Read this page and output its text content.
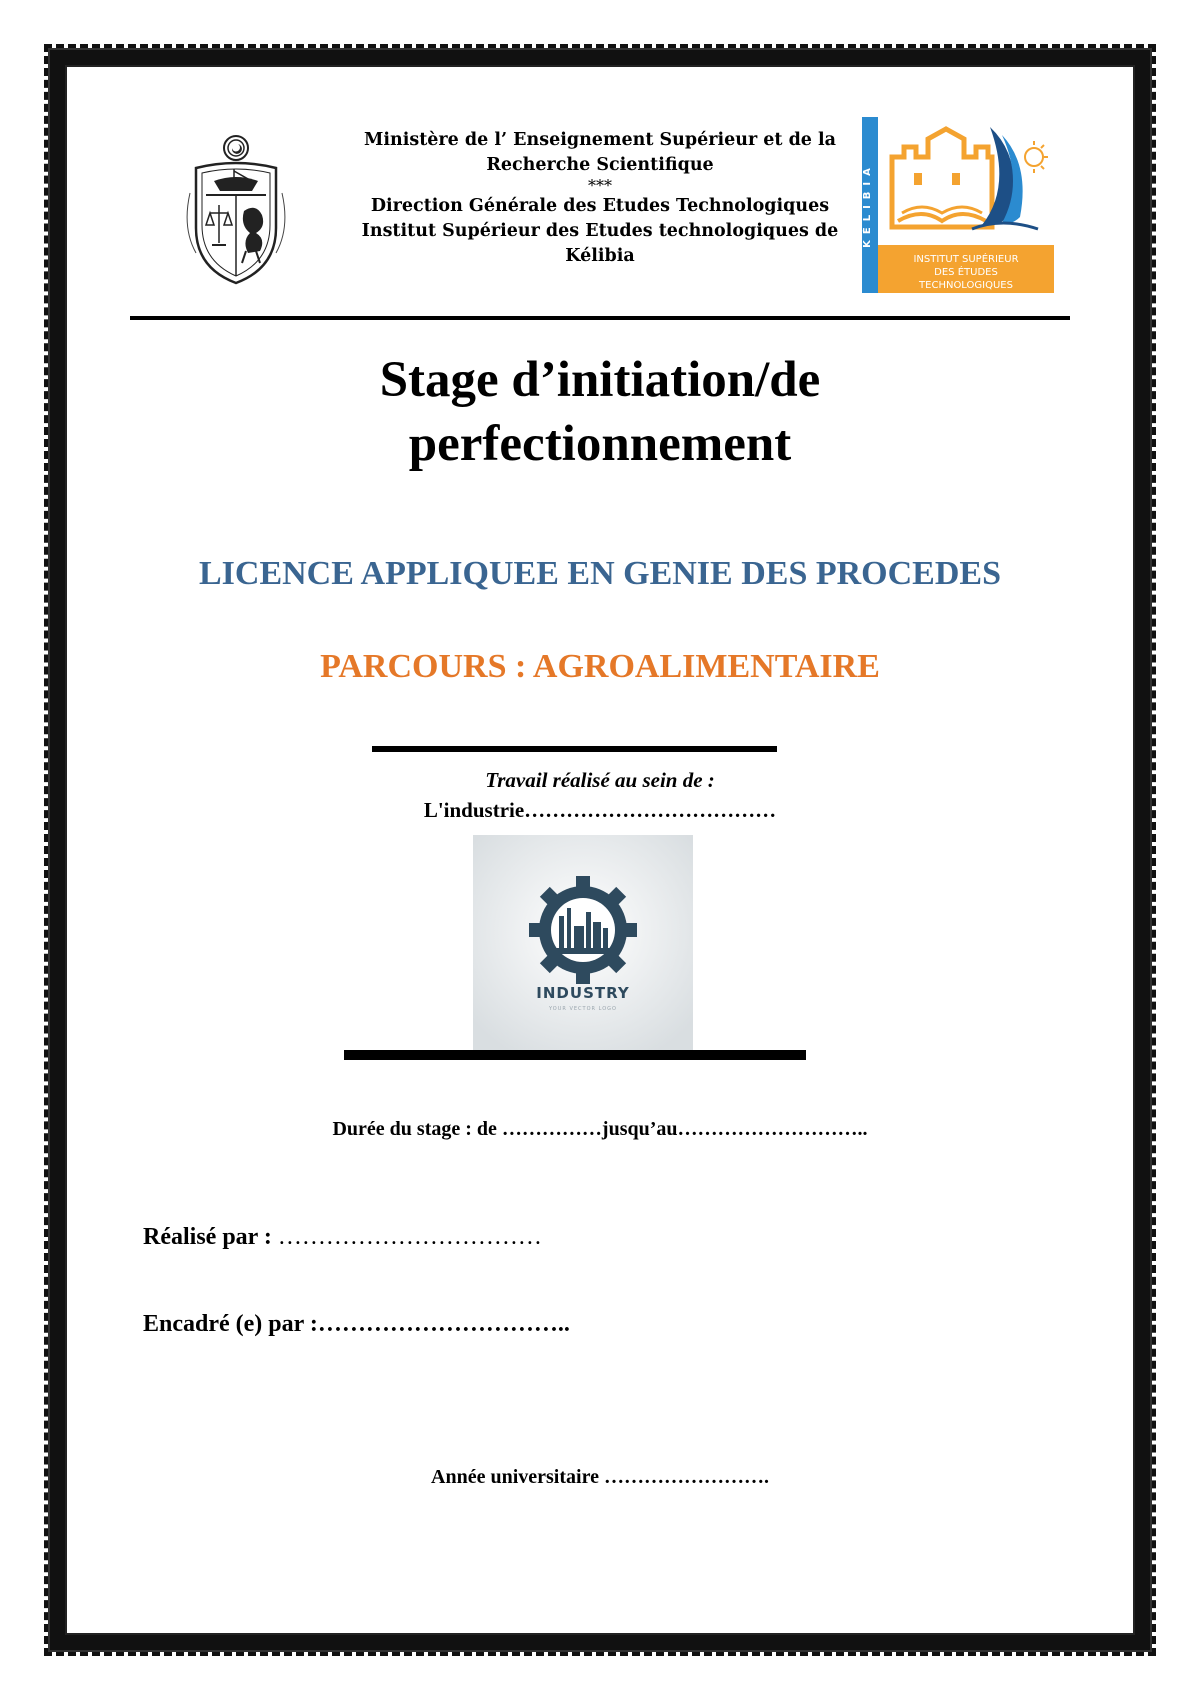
Ministère de l’ Enseignement Supérieur et de la
Recherche Scientifique
***
Direction Générale des Etudes Technologiques
Institut Supérieur des Etudes technologiques de
Kélibia
KÉLIBIA
INSTITUT SUPÉRIEUR
DES ÉTUDES
TECHNOLOGIQUES
Stage d’initiation/de
perfectionnement
LICENCE APPLIQUEE EN GENIE DES PROCEDES
PARCOURS : AGROALIMENTAIRE
Travail réalisé au sein de :
L'industrie………………………………
INDUSTRY
YOUR VECTOR LOGO
Durée du stage : de ……………jusqu’au………………………..
Réalisé par : ……………………………
Encadré (e) par :…………………………..
Année universitaire …………………….
